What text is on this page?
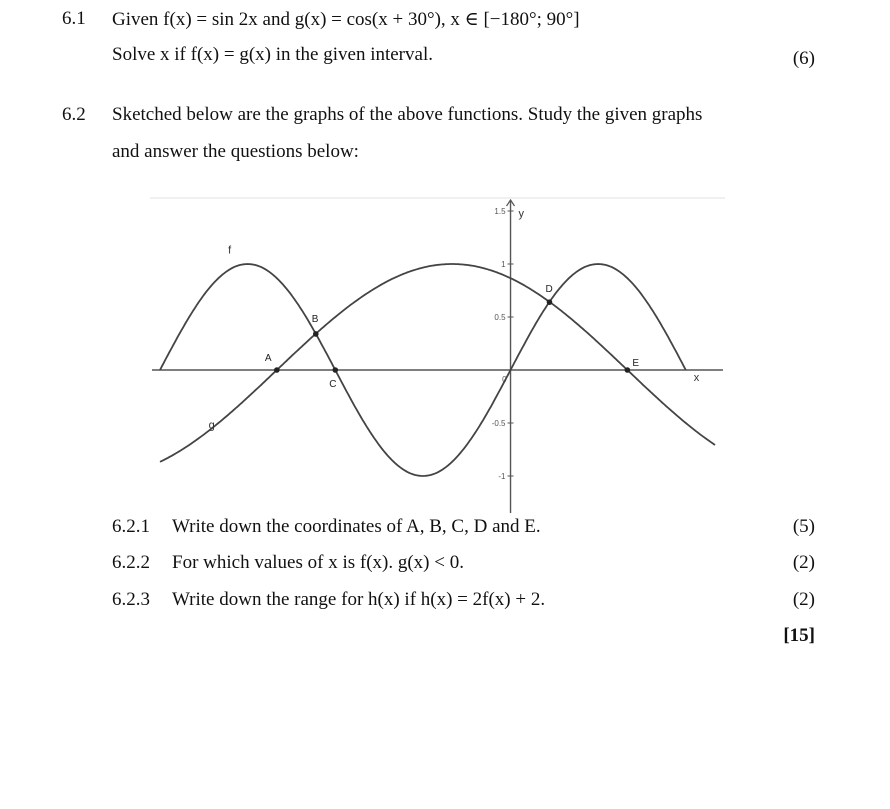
6.1 Given f(x) = sin 2x and g(x) = cos(x + 30°), x ∈ [−180°; 90°]
Solve x if f(x) = g(x) in the given interval.	(6)
6.2 Sketched below are the graphs of the above functions. Study the given graphs
and answer the questions below:
y
x
1.5
1
0.5
-0.5
-1
0
f
g
A
B
C
D
E
6.2.1 Write down the coordinates of A, B, C, D and E.	(5)
6.2.2 For which values of x is f(x). g(x) < 0.	(2)
6.2.3 Write down the range for h(x) if h(x) = 2f(x) + 2.	(2)
[15]
